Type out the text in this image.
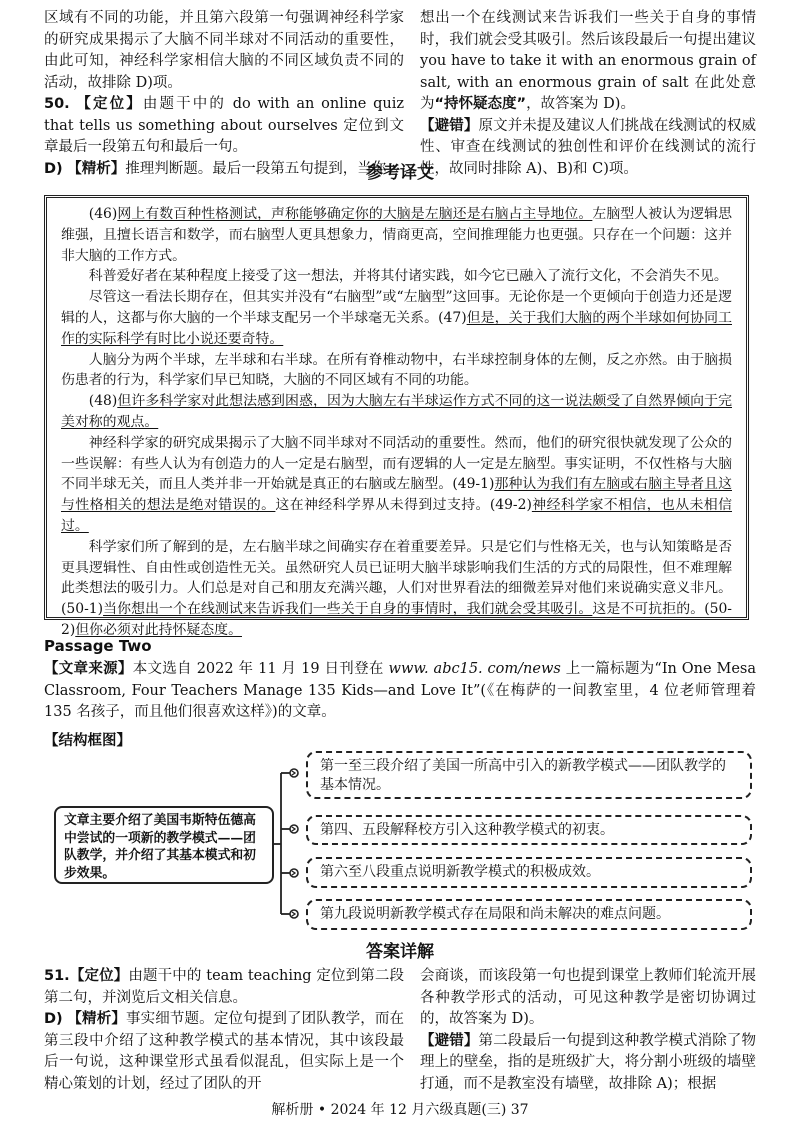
区域有不同的功能，并且第六段第一句强调神经科学家的研究成果揭示了大脑不同半球对不同活动的重要性，由此可知，神经科学家相信大脑的不同区域负责不同的活动，故排除 D)项。

50. 【定位】由题干中的 do with an online quiz that tells us something about ourselves 定位到文章最后一段第五句和最后一句。

D) 【精析】推理判断题。最后一段第五句提到，当你

想出一个在线测试来告诉我们一些关于自身的事情时，我们就会受其吸引。然后该段最后一句提出建议 you have to take it with an enormous grain of salt, with an enormous grain of salt 在此处意为“持怀疑态度”，故答案为 D)。

【避错】原文并未提及建议人们挑战在线测试的权威性、审查在线测试的独创性和评价在线测试的流行性，故同时排除 A)、B)和 C)项。

参考译文

(46)网上有数百种性格测试，声称能够确定你的大脑是左脑还是右脑占主导地位。左脑型人被认为逻辑思维强，且擅长语言和数学，而右脑型人更具想象力，情商更高，空间推理能力也更强。只存在一个问题：这并非大脑的工作方式。

科普爱好者在某种程度上接受了这一想法，并将其付诸实践，如今它已融入了流行文化，不会消失不见。

尽管这一看法长期存在，但其实并没有“右脑型”或“左脑型”这回事。无论你是一个更倾向于创造力还是逻辑的人，这都与你大脑的一个半球支配另一个半球毫无关系。(47)但是，关于我们大脑的两个半球如何协同工作的实际科学有时比小说还要奇特。

人脑分为两个半球，左半球和右半球。在所有脊椎动物中，右半球控制身体的左侧，反之亦然。由于脑损伤患者的行为，科学家们早已知晓，大脑的不同区域有不同的功能。

(48)但许多科学家对此想法感到困惑，因为大脑左右半球运作方式不同的这一说法颇受了自然界倾向于完美对称的观点。

神经科学家的研究成果揭示了大脑不同半球对不同活动的重要性。然而，他们的研究很快就发现了公众的一些误解：有些人认为有创造力的人一定是右脑型，而有逻辑的人一定是左脑型。事实证明，不仅性格与大脑不同半球无关，而且人类并非一开始就是真正的右脑或左脑型。(49-1)那种认为我们有左脑或右脑主导者且这与性格相关的想法是绝对错误的。这在神经科学界从未得到过支持。(49-2)神经科学家不相信，也从未相信过。

科学家们所了解到的是，左右脑半球之间确实存在着重要差异。只是它们与性格无关，也与认知策略是否更具逻辑性、自由性或创造性无关。虽然研究人员已证明大脑半球影响我们生活的方式的局限性，但不难理解此类想法的吸引力。人们总是对自己和朋友充满兴趣，人们对世界看法的细微差异对他们来说确实意义非凡。(50-1)当你想出一个在线测试来告诉我们一些关于自身的事情时，我们就会受其吸引。这是不可抗拒的。(50-2)但你必须对此持怀疑态度。

Passage Two

【文章来源】本文选自 2022 年 11 月 19 日刊登在 www. abc15. com/news 上一篇标题为“In One Mesa Classroom, Four Teachers Manage 135 Kids—and Love It”(《在梅萨的一间教室里，4 位老师管理着 135 名孩子，而且他们很喜欢这样》)的文章。

【结构框图】
文章主要介绍了美国韦斯特伍德高中尝试的一项新的教学模式——团队教学，并介绍了其基本模式和初步效果。
第一至三段介绍了美国一所高中引入的新教学模式——团队教学的基本情况。
第四、五段解释校方引入这种教学模式的初衷。
第六至八段重点说明新教学模式的积极成效。
第九段说明新教学模式存在局限和尚未解决的难点问题。
答案详解

51.【定位】由题干中的 team teaching 定位到第二段第二句，并浏览后文相关信息。

D) 【精析】事实细节题。定位句提到了团队教学，而在第三段中介绍了这种教学模式的基本情况，其中该段最后一句说，这种课堂形式虽看似混乱，但实际上是一个精心策划的计划，经过了团队的开

会商谈，而该段第一句也提到课堂上教师们轮流开展各种教学形式的活动，可见这种教学是密切协调过的，故答案为 D)。

【避错】第二段最后一句提到这种教学模式消除了物理上的壁垒，指的是班级扩大，将分割小班级的墙壁打通，而不是教室没有墙壁，故排除 A)；根据

解析册 • 2024 年 12 月六级真题(三) 37
